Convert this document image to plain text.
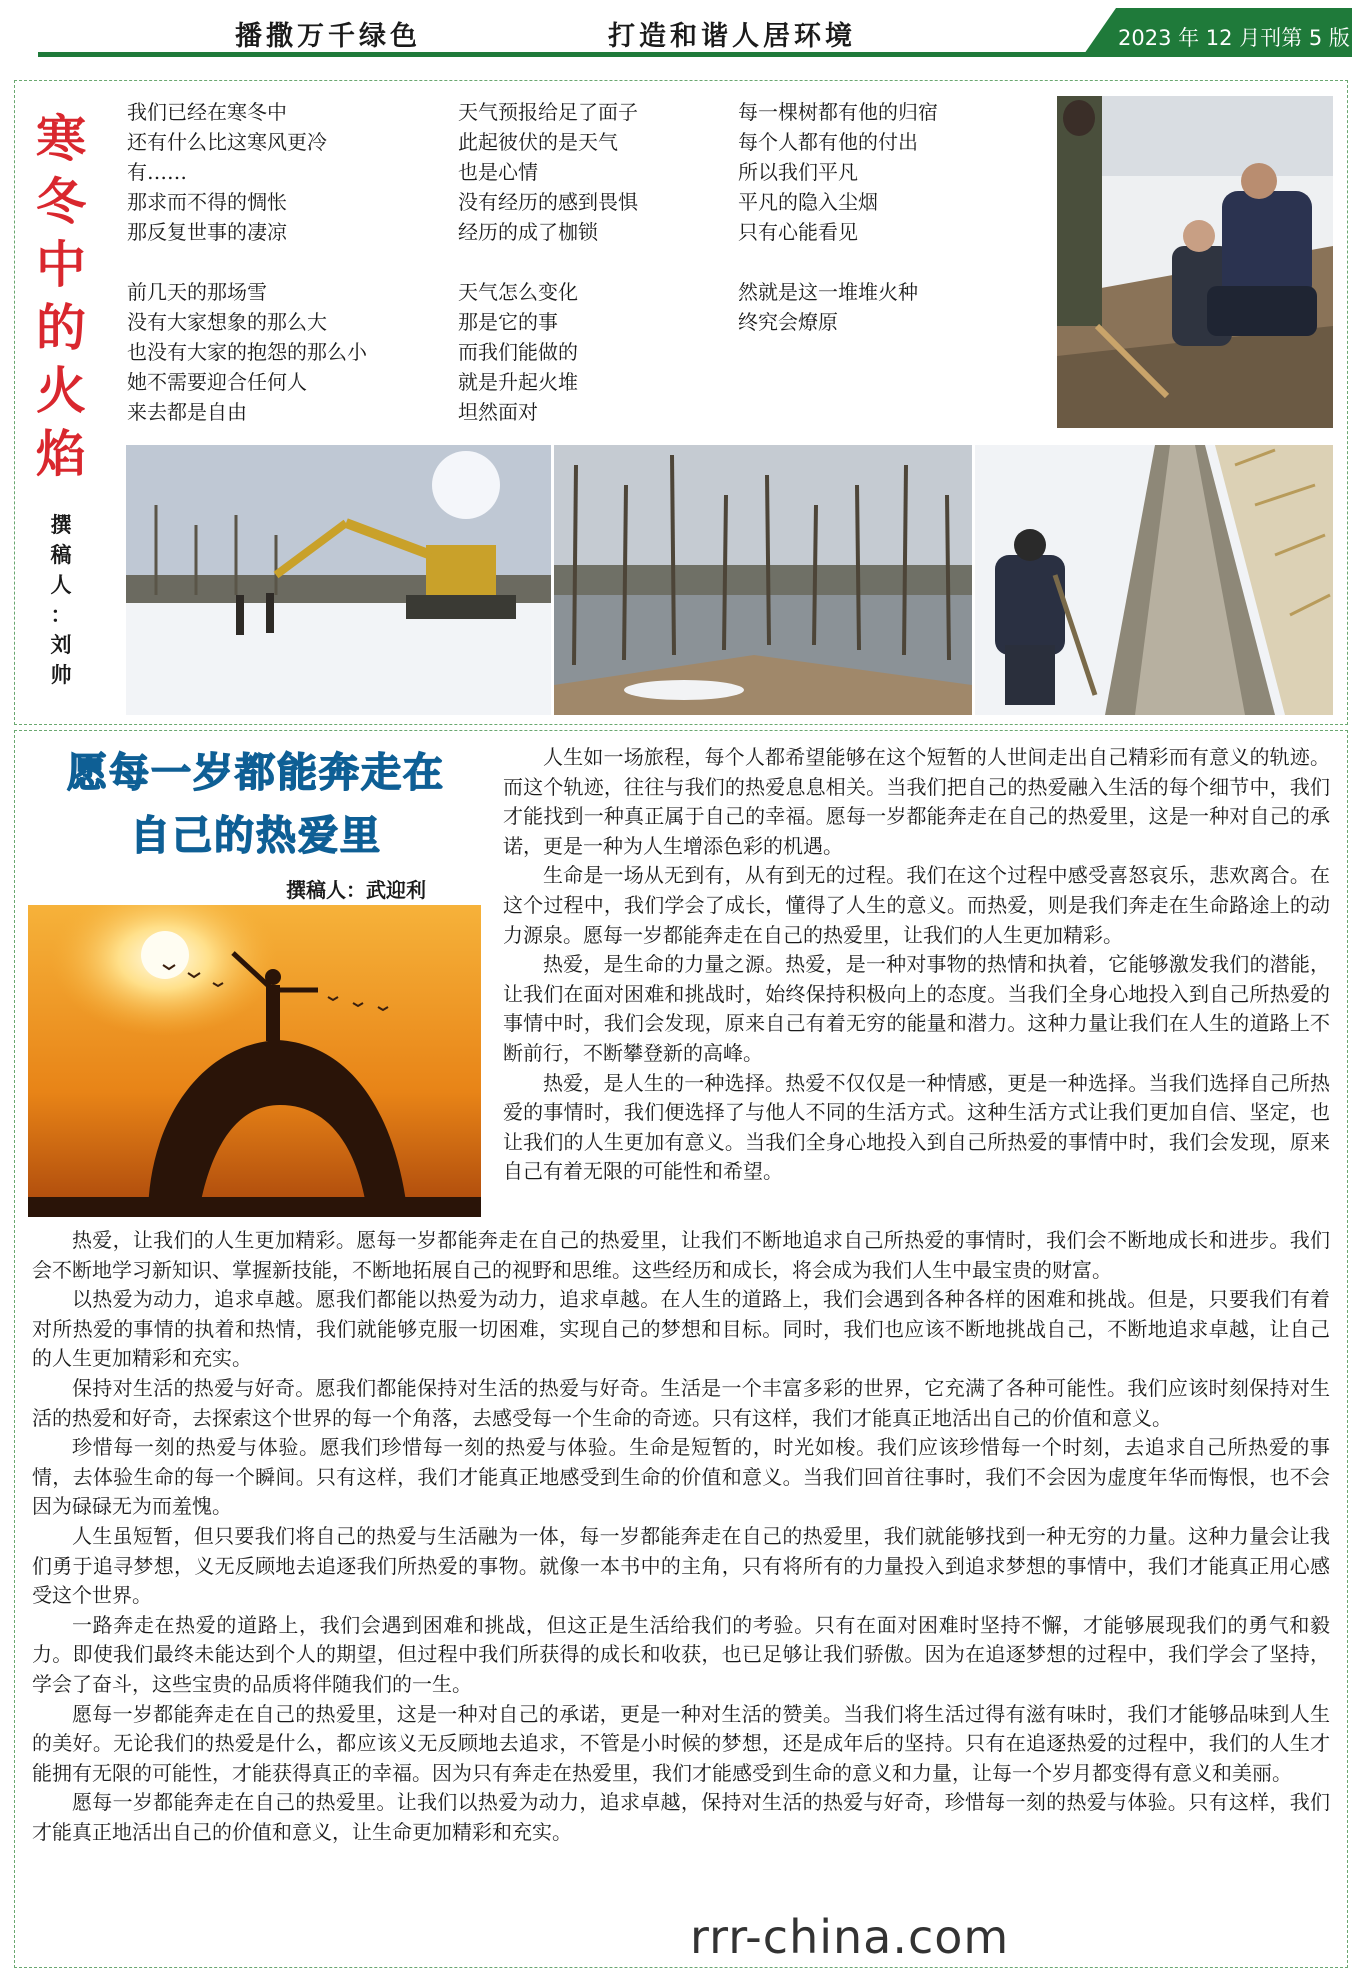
播撒万千绿色	打造和谐人居环境	2023 年 12 月刊第 5 版
寒
冬
中
的
火
焰
撰
稿
人
：
刘
帅
我们已经在寒冬中
还有什么比这寒风更冷
有……
那求而不得的惆怅
那反复世事的凄凉
前几天的那场雪
没有大家想象的那么大
也没有大家的抱怨的那么小
她不需要迎合任何人
来去都是自由
天气预报给足了面子
此起彼伏的是天气
也是心情
没有经历的感到畏惧
经历的成了枷锁
天气怎么变化
那是它的事
而我们能做的
就是升起火堆
坦然面对
每一棵树都有他的归宿
每个人都有他的付出
所以我们平凡
平凡的隐入尘烟
只有心能看见
然就是这一堆堆火种
终究会燎原
愿每一岁都能奔走在
自己的热爱里
撰稿人：武迎利

人生如一场旅程，每个人都希望能够在这个短暂的人世间走出自己精彩而有意义的轨迹。而这个轨迹，往往与我们的热爱息息相关。当我们把自己的热爱融入生活的每个细节中，我们才能找到一种真正属于自己的幸福。愿每一岁都能奔走在自己的热爱里，这是一种对自己的承诺，更是一种为人生增添色彩的机遇。

生命是一场从无到有，从有到无的过程。我们在这个过程中感受喜怒哀乐，悲欢离合。在这个过程中，我们学会了成长，懂得了人生的意义。而热爱，则是我们奔走在生命路途上的动力源泉。愿每一岁都能奔走在自己的热爱里，让我们的人生更加精彩。

热爱，是生命的力量之源。热爱，是一种对事物的热情和执着，它能够激发我们的潜能，让我们在面对困难和挑战时，始终保持积极向上的态度。当我们全身心地投入到自己所热爱的事情中时，我们会发现，原来自己有着无穷的能量和潜力。这种力量让我们在人生的道路上不断前行，不断攀登新的高峰。

热爱，是人生的一种选择。热爱不仅仅是一种情感，更是一种选择。当我们选择自己所热爱的事情时，我们便选择了与他人不同的生活方式。这种生活方式让我们更加自信、坚定，也让我们的人生更加有意义。当我们全身心地投入到自己所热爱的事情中时，我们会发现，原来自己有着无限的可能性和希望。

热爱，让我们的人生更加精彩。愿每一岁都能奔走在自己的热爱里，让我们不断地追求自己所热爱的事情时，我们会不断地成长和进步。我们会不断地学习新知识、掌握新技能，不断地拓展自己的视野和思维。这些经历和成长，将会成为我们人生中最宝贵的财富。

以热爱为动力，追求卓越。愿我们都能以热爱为动力，追求卓越。在人生的道路上，我们会遇到各种各样的困难和挑战。但是，只要我们有着对所热爱的事情的执着和热情，我们就能够克服一切困难，实现自己的梦想和目标。同时，我们也应该不断地挑战自己，不断地追求卓越，让自己的人生更加精彩和充实。

保持对生活的热爱与好奇。愿我们都能保持对生活的热爱与好奇。生活是一个丰富多彩的世界，它充满了各种可能性。我们应该时刻保持对生活的热爱和好奇，去探索这个世界的每一个角落，去感受每一个生命的奇迹。只有这样，我们才能真正地活出自己的价值和意义。

珍惜每一刻的热爱与体验。愿我们珍惜每一刻的热爱与体验。生命是短暂的，时光如梭。我们应该珍惜每一个时刻，去追求自己所热爱的事情，去体验生命的每一个瞬间。只有这样，我们才能真正地感受到生命的价值和意义。当我们回首往事时，我们不会因为虚度年华而悔恨，也不会因为碌碌无为而羞愧。

人生虽短暂，但只要我们将自己的热爱与生活融为一体，每一岁都能奔走在自己的热爱里，我们就能够找到一种无穷的力量。这种力量会让我们勇于追寻梦想，义无反顾地去追逐我们所热爱的事物。就像一本书中的主角，只有将所有的力量投入到追求梦想的事情中，我们才能真正用心感受这个世界。

一路奔走在热爱的道路上，我们会遇到困难和挑战，但这正是生活给我们的考验。只有在面对困难时坚持不懈，才能够展现我们的勇气和毅力。即使我们最终未能达到个人的期望，但过程中我们所获得的成长和收获，也已足够让我们骄傲。因为在追逐梦想的过程中，我们学会了坚持，学会了奋斗，这些宝贵的品质将伴随我们的一生。

愿每一岁都能奔走在自己的热爱里，这是一种对自己的承诺，更是一种对生活的赞美。当我们将生活过得有滋有味时，我们才能够品味到人生的美好。无论我们的热爱是什么，都应该义无反顾地去追求，不管是小时候的梦想，还是成年后的坚持。只有在追逐热爱的过程中，我们的人生才能拥有无限的可能性，才能获得真正的幸福。因为只有奔走在热爱里，我们才能感受到生命的意义和力量，让每一个岁月都变得有意义和美丽。

愿每一岁都能奔走在自己的热爱里。让我们以热爱为动力，追求卓越，保持对生活的热爱与好奇，珍惜每一刻的热爱与体验。只有这样，我们才能真正地活出自己的价值和意义，让生命更加精彩和充实。

rrr-china.com
